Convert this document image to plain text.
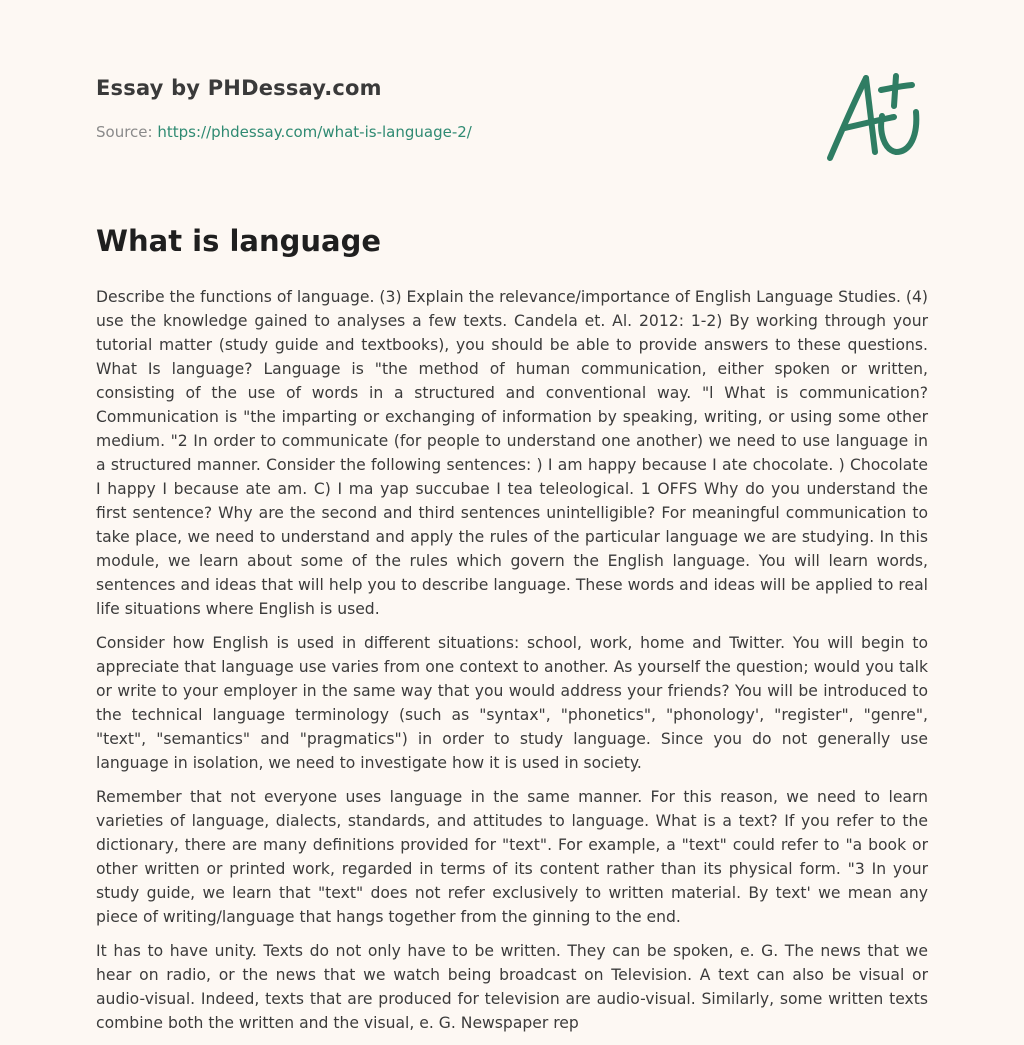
Essay by PHDessay.com
Source: https://phdessay.com/what-is-language-2/
What is language

Describe the functions of language. (3) Explain the relevance/importance of English Language Studies. (4) use the knowledge gained to analyses a few texts. Candela et. Al. 2012: 1-2) By working through your tutorial matter (study guide and textbooks), you should be able to provide answers to these questions. What Is language? Language is "the method of human communication, either spoken or written, consisting of the use of words in a structured and conventional way. "l What is communication? Communication is "the imparting or exchanging of information by speaking, writing, or using some other medium. "2 In order to communicate (for people to understand one another) we need to use language in a structured manner. Consider the following sentences: ) I am happy because I ate chocolate. ) Chocolate I happy I because ate am. C) I ma yap succubae I tea teleological. 1 OFFS Why do you understand the first sentence? Why are the second and third sentences unintelligible? For meaningful communication to take place, we need to understand and apply the rules of the particular language we are studying. In this module, we learn about some of the rules which govern the English language. You will learn words, sentences and ideas that will help you to describe language. These words and ideas will be applied to real life situations where English is used.

Consider how English is used in different situations: school, work, home and Twitter. You will begin to appreciate that language use varies from one context to another. As yourself the question; would you talk or write to your employer in the same way that you would address your friends? You will be introduced to the technical language terminology (such as "syntax", "phonetics", "phonology', "register", "genre", "text", "semantics" and "pragmatics") in order to study language. Since you do not generally use language in isolation, we need to investigate how it is used in society.

Remember that not everyone uses language in the same manner. For this reason, we need to learn varieties of language, dialects, standards, and attitudes to language. What is a text? If you refer to the dictionary, there are many definitions provided for "text". For example, a "text" could refer to "a book or other written or printed work, regarded in terms of its content rather than its physical form. "3 In your study guide, we learn that "text" does not refer exclusively to written material. By text' we mean any piece of writing/language that hangs together from the ginning to the end.

It has to have unity. Texts do not only have to be written. They can be spoken, e. G. The news that we hear on radio, or the news that we watch being broadcast on Television. A text can also be visual or audio-visual. Indeed, texts that are produced for television are audio-visual. Similarly, some written texts combine both the written and the visual, e. G. Newspaper rep
